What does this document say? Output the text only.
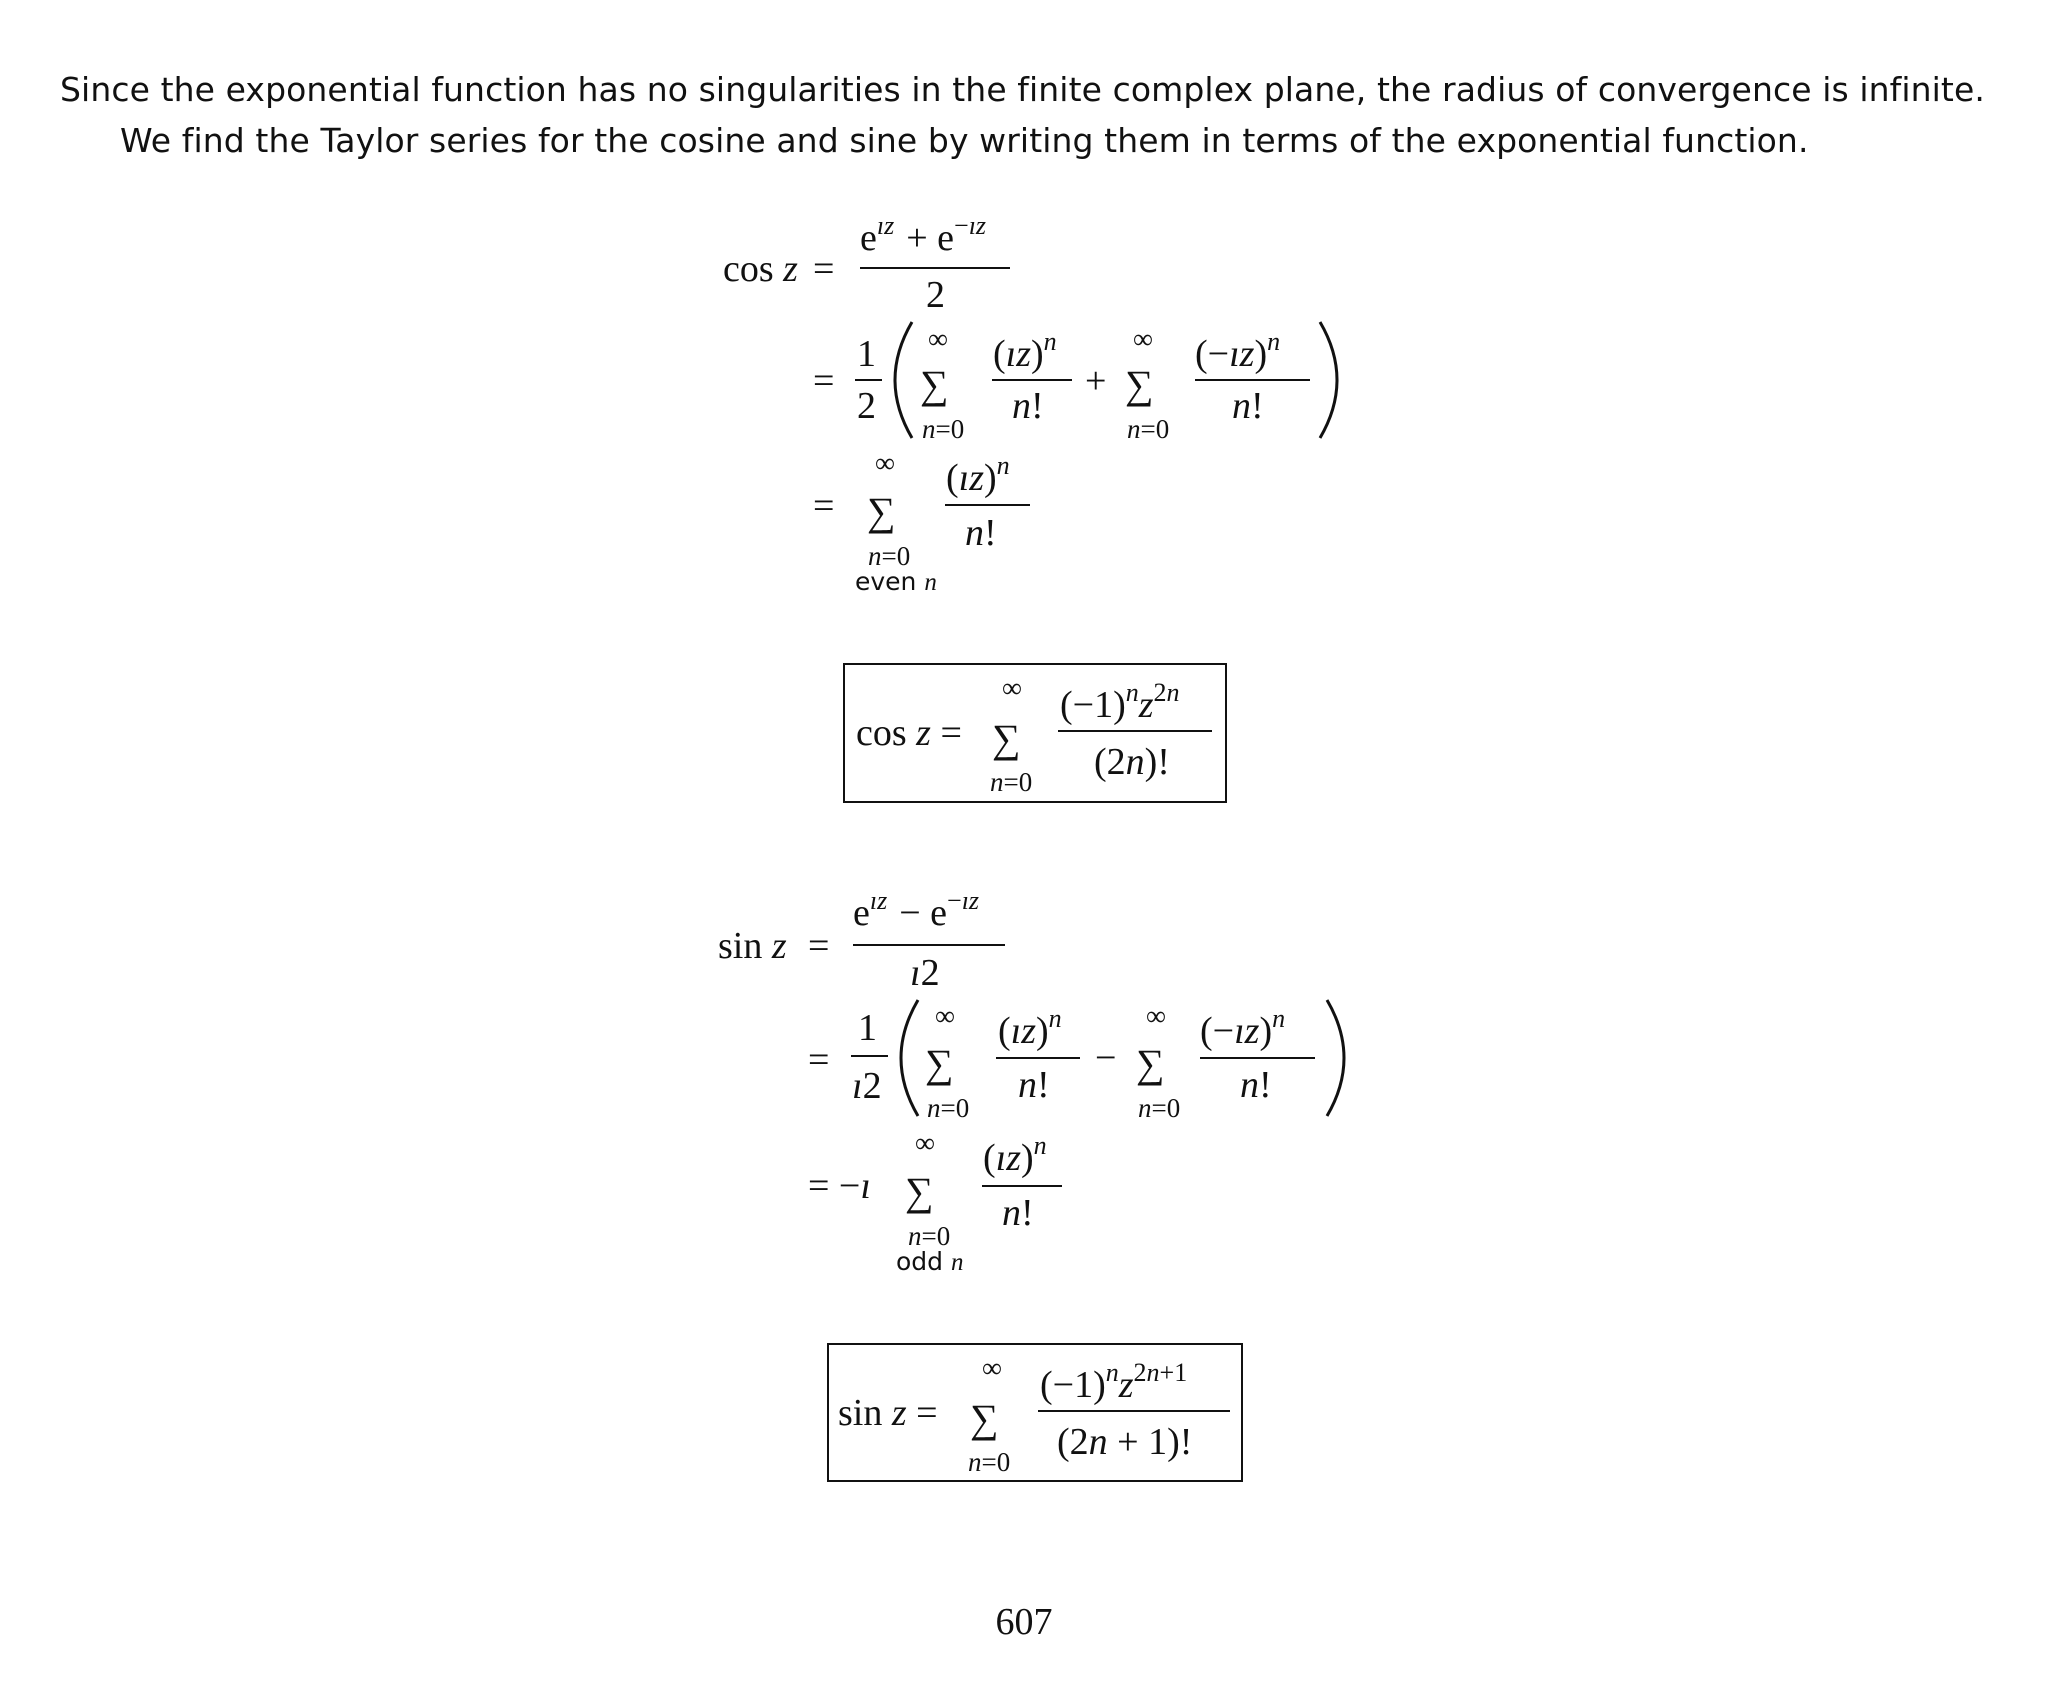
Since the exponential function has no singularities in the finite complex plane, the radius of convergence is infinite.
We find the Taylor series for the cosine and sine by writing them in terms of the exponential function.
cos z =
$e^{ız} + e^{-ız}$
2
=
1
2
∞
∑
n=0
(ız)$^n$
n!
+
∞
∑
n=0
(−ız)$^n$
n!
=
∞
∑
(ız)$^n$
n!
n=0
even n
cos z =
∞
∑
n=0
$(-1)^nz^{2n}$
(2n)!
sin z =
$e^{ız} - e^{-ız}$
ı2
=
1
ı2
∞
∑
n=0
(ız)$^n$
n!
−
∞
∑
n=0
(−ız)$^n$
n!
= −ı
∞
∑
(ız)$^n$
n!
n=0
odd n
sin z =
∞
∑
n=0
$(-1)^nz^{2n+1}$
(2n + 1)!
607
